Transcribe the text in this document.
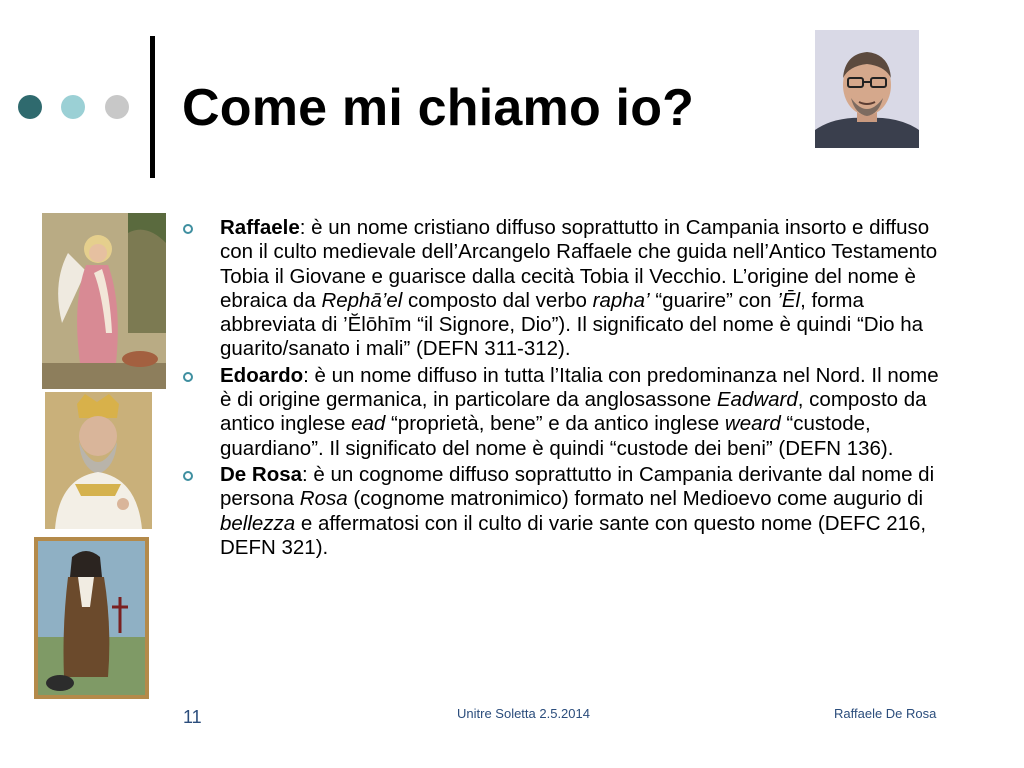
Come mi chiamo io?
Raffaele: è un nome cristiano diffuso soprattutto in Campania insorto e diffuso con il culto medievale dell’Arcangelo Raffaele che guida nell’Antico Testamento Tobia il Giovane e guarisce dalla cecità Tobia il Vecchio. L’origine del nome è ebraica da Rephā’el composto dal verbo rapha’ “guarire” con ’Ēl, forma abbreviata di ’Ĕlōhīm “il Signore, Dio”). Il significato del nome è quindi “Dio ha guarito/sanato i mali” (DEFN 311-312).
Edoardo: è un nome diffuso in tutta l’Italia con predominanza nel Nord. Il nome è di origine germanica, in particolare da anglosassone Eadward, composto da antico inglese ead “proprietà, bene” e da antico inglese weard “custode, guardiano”. Il significato del nome è quindi “custode dei beni” (DEFN 136).
De Rosa: è un cognome diffuso soprattutto in Campania derivante dal nome di persona Rosa (cognome matronimico) formato nel Medioevo come augurio di bellezza e affermatosi con il culto di varie sante con questo nome (DEFC 216, DEFN 321).
11	Unitre Soletta 2.5.2014	Raffaele De Rosa
